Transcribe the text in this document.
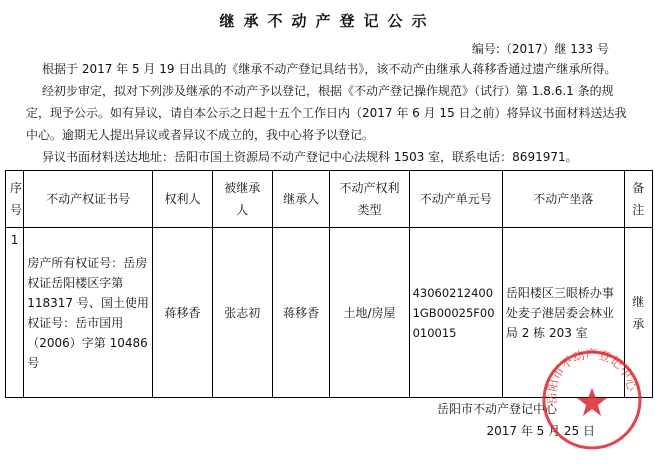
继承不动产登记公示
编号:（2017）继 133 号

根据于 2017 年 5 月 19 日出具的《继承不动产登记具结书》，该不动产由继承人蒋移香通过遗产继承所得。

经初步审定，拟对下列涉及继承的不动产予以登记，根据《不动产登记操作规范》（试行）第 1.8.6.1 条的规定，现予公示。如有异议，请自本公示之日起十五个工作日内（2017 年 6 月 15 日之前）将异议书面材料送达我中心。逾期无人提出异议或者异议不成立的，我中心将予以登记。

异议书面材料送达地址：岳阳市国土资源局不动产登记中心法规科 1503 室，联系电话：8691971。

序号	不动产权证书号	权利人	被继承人	继承人	不动产权利类型	不动产单元号	不动产坐落	备注
1	房产所有权证号：岳房权证岳阳楼区字第 118317 号、国土使用权证号：岳市国用（2006）字第 10486 号	蒋移香	张志初	蒋移香	土地/房屋	430602124001GB00025F00010015	岳阳楼区三眼桥办事处麦子港居委会林业局 2 栋 203 室	继承
岳阳市不动产登记中心
2017 年 5 月 25 日
岳阳市不动产登记中心
